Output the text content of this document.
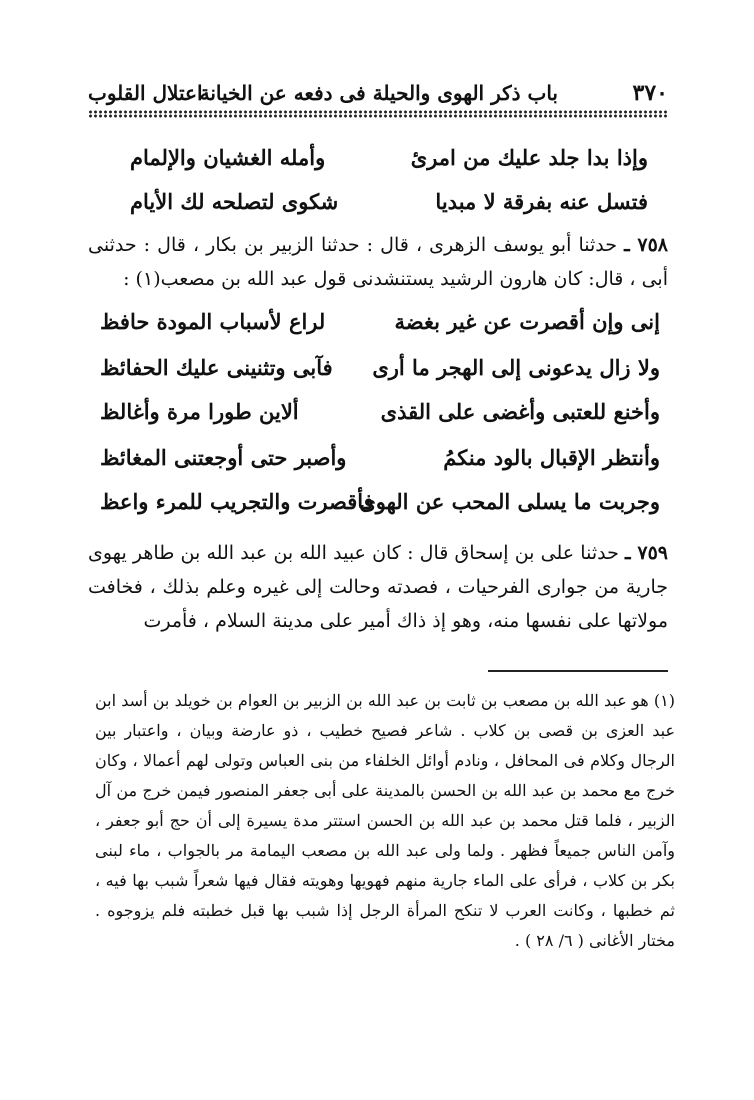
٣٧٠
باب ذكر الهوى والحيلة فى دفعه عن الخيانة
اعتلال القلوب
وإذا بدا جلد عليك من امرئ
وأمله الغشيان والإلمام
فتسل عنه بفرقة لا مبديا
شكوى لتصلحه لك الأيام

٧٥٨ ـ حدثنا أبو يوسف الزهرى ، قال : حدثنا الزبير بن بكار ، قال : حدثنى أبى ، قال: كان هارون الرشيد يستنشدنى قول عبد الله بن مصعب(١) :

إنى وإن أقصرت عن غير بغضة
لراع لأسباب المودة حافظ
ولا زال يدعونى إلى الهجر ما أرى
فآبى وتثنينى عليك الحفائظ
وأخنع للعتبى وأغضى على القذى
ألاين طورا مرة وأغالظ
وأنتظر الإقبال بالود منكمُ
وأصبر حتى أوجعتنى المغائظ
وجربت ما يسلى المحب عن الهوى
فأقصرت والتجريب للمرء واعظ

٧٥٩ ـ حدثنا على بن إسحاق قال : كان عبيد الله بن عبد الله بن طاهر يهوى جارية من جوارى الفرحيات ، فصدته وحالت إلى غيره وعلم بذلك ، فخافت مولاتها على نفسها منه، وهو إذ ذاك أمير على مدينة السلام ، فأمرت

(١) هو عبد الله بن مصعب بن ثابت بن عبد الله بن الزبير بن العوام بن خويلد بن أسد ابن عبد العزى بن قصى بن كلاب . شاعر فصيح خطيب ، ذو عارضة وبيان ، واعتبار بين الرجال وكلام فى المحافل ، ونادم أوائل الخلفاء من بنى العباس وتولى لهم أعمالا ، وكان خرج مع محمد بن عبد الله بن الحسن بالمدينة على أبى جعفر المنصور فيمن خرج من آل الزبير ، فلما قتل محمد بن عبد الله بن الحسن استتر مدة يسيرة إلى أن حج أبو جعفر ، وآمن الناس جميعاً فظهر . ولما ولى عبد الله بن مصعب اليمامة مر بالجواب ، ماء لبنى بكر بن كلاب ، فرأى على الماء جارية منهم فهويها وهويته فقال فيها شعراً شبب بها فيه ، ثم خطبها ، وكانت العرب لا تنكح المرأة الرجل إذا شبب بها قبل خطبته فلم يزوجوه . مختار الأغانى ( ٦/ ٢٨ ) .
